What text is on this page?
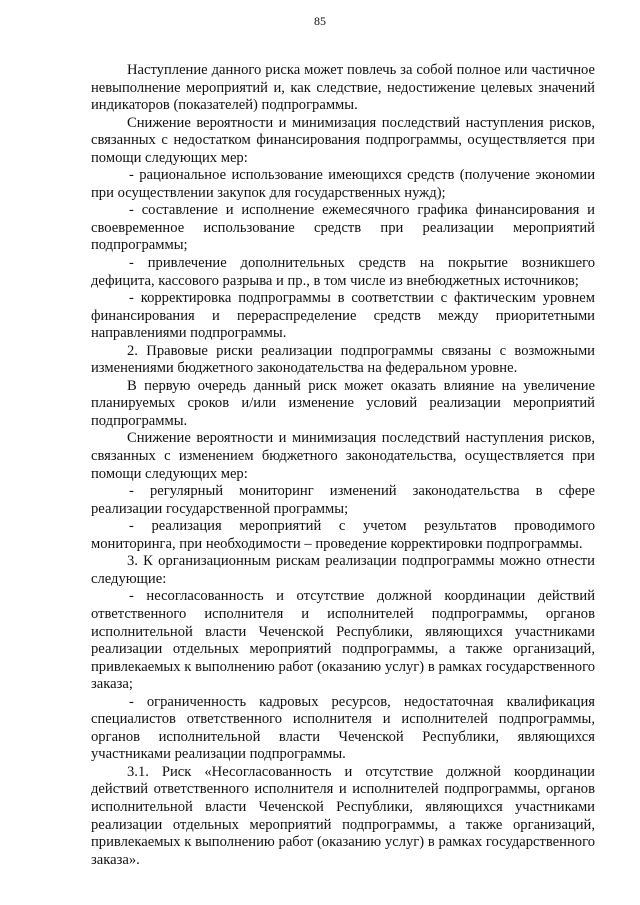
85

Наступление данного риска может повлечь за собой полное или частичное невыполнение мероприятий и, как следствие, недостижение целевых значений индикаторов (показателей) подпрограммы.

Снижение вероятности и минимизация последствий наступления рисков, связанных с недостатком финансирования подпрограммы, осуществляется при помощи следующих мер:

- рациональное использование имеющихся средств (получение экономии при осуществлении закупок для государственных нужд);

- составление и исполнение ежемесячного графика финансирования и своевременное использование средств при реализации мероприятий подпрограммы;

- привлечение дополнительных средств на покрытие возникшего дефицита, кассового разрыва и пр., в том числе из внебюджетных источников;

- корректировка подпрограммы в соответствии с фактическим уровнем финансирования и перераспределение средств между приоритетными направлениями подпрограммы.

2. Правовые риски реализации подпрограммы связаны с возможными изменениями бюджетного законодательства на федеральном уровне.

В первую очередь данный риск может оказать влияние на увеличение планируемых сроков и/или изменение условий реализации мероприятий подпрограммы.

Снижение вероятности и минимизация последствий наступления рисков, связанных с изменением бюджетного законодательства, осуществляется при помощи следующих мер:

- регулярный мониторинг изменений законодательства в сфере реализации государственной программы;

- реализация мероприятий с учетом результатов проводимого мониторинга, при необходимости – проведение корректировки подпрограммы.

3. К организационным рискам реализации подпрограммы можно отнести следующие:

- несогласованность и отсутствие должной координации действий ответственного исполнителя и исполнителей подпрограммы, органов исполнительной власти Чеченской Республики, являющихся участниками реализации отдельных мероприятий подпрограммы, а также организаций, привлекаемых к выполнению работ (оказанию услуг) в рамках государственного заказа;

- ограниченность кадровых ресурсов, недостаточная квалификация специалистов ответственного исполнителя и исполнителей подпрограммы, органов исполнительной власти Чеченской Республики, являющихся участниками реализации подпрограммы.

3.1. Риск «Несогласованность и отсутствие должной координации действий ответственного исполнителя и исполнителей подпрограммы, органов исполнительной власти Чеченской Республики, являющихся участниками реализации отдельных мероприятий подпрограммы, а также организаций, привлекаемых к выполнению работ (оказанию услуг) в рамках государственного заказа».
